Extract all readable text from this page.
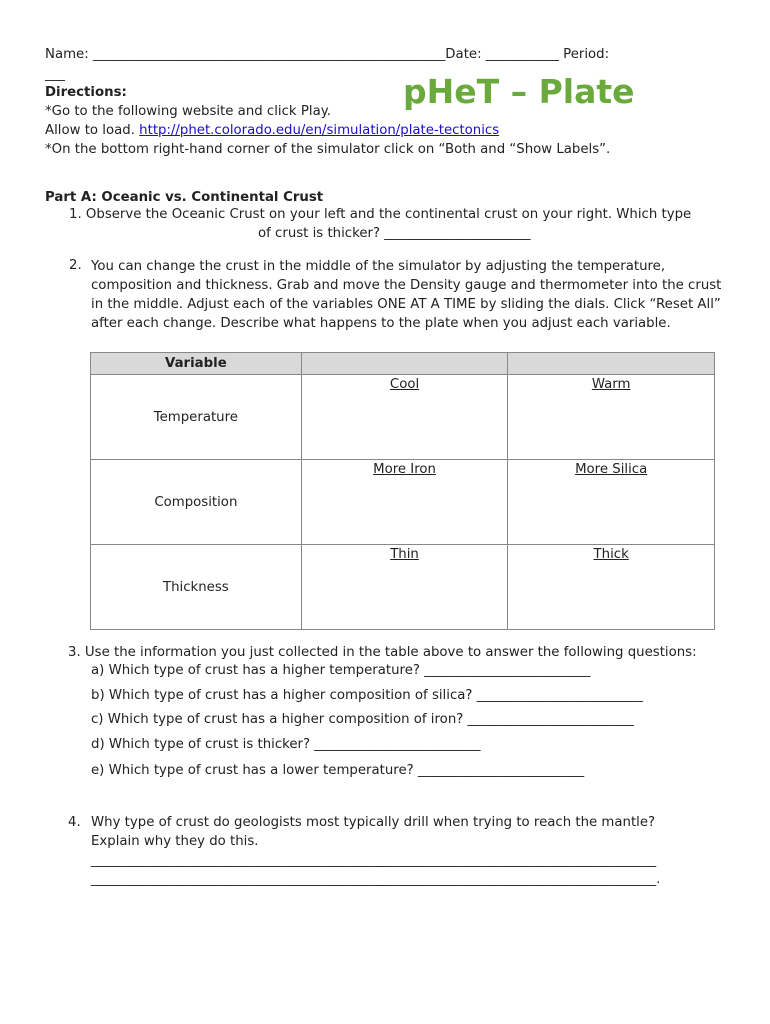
Name: _____________________________________________________Date: ___________ Period:
___	pHeT – Plate
Directions:
*Go to the following website and click Play.
Allow to load. http://phet.colorado.edu/en/simulation/plate-tectonics
*On the bottom right-hand corner of the simulator click on “Both and “Show Labels”.
Part A: Oceanic vs. Continental Crust
1. Observe the Oceanic Crust on your left and the continental crust on your right. Which type
of crust is thicker? ______________________
2. You can change the crust in the middle of the simulator by adjusting the temperature, composition and thickness. Grab and move the Density gauge and thermometer into the crust in the middle. Adjust each of the variables ONE AT A TIME by sliding the dials. Click “Reset All” after each change. Describe what happens to the plate when you adjust each variable.
Variable		
Temperature	Cool	Warm
Composition	More Iron	More Silica
Thickness	Thin	Thick
3. Use the information you just collected in the table above to answer the following questions:
a) Which type of crust has a higher temperature? _________________________
b) Which type of crust has a higher composition of silica? _________________________
c) Which type of crust has a higher composition of iron? _________________________
d) Which type of crust is thicker? _________________________
e) Which type of crust has a lower temperature? _________________________
4. Why type of crust do geologists most typically drill when trying to reach the mantle?
Explain why they do this.
_____________________________________________________________________________________
_____________________________________________________________________________________.
